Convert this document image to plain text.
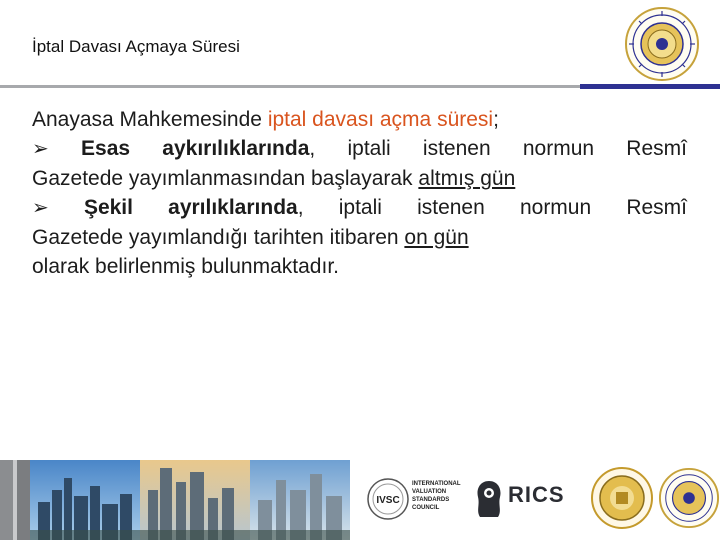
İptal Davası Açmaya Süresi

Anayasa Mahkemesinde iptal davası açma süresi;

➢ Esas aykırılıklarında, iptali istenen normun Resmî

Gazetede yayımlanmasından başlayarak altmış gün

➢ Şekil ayrılıklarında, iptali istenen normun Resmî

Gazetede yayımlandığı tarihten itibaren on gün

olarak belirlenmiş bulunmaktadır.

IVSC
INTERNATIONAL
VALUATION
STANDARDS
COUNCIL
RICS
